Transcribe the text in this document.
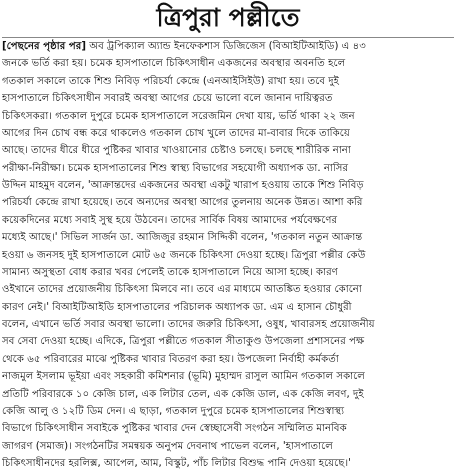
ত্রিপুরা পল্লীতে
[পেছনের পৃষ্ঠার পর] অব ট্রপিক্যাল অ্যান্ড ইনফেকশাস ডিজিজেস (বিআইটিআইডি) এ ৪৩
জনকে ভর্তি করা হয়। চমেক হাসপাতালে চিকিৎসাধীন একজনের অবস্থার অবনতি হলে
গতকাল সকালে তাকে শিশু নিবিড় পরিচর্যা কেন্দ্রে (এনআইসিইউ) রাখা হয়। তবে দুই
হাসপাতালে চিকিৎসাধীন সবারই অবস্থা আগের চেয়ে ভালো বলে জানান দায়িত্বরত
চিকিৎসকরা। গতকাল দুপুরে চমেক হাসপাতালে সরেজমিন দেখা যায়, ভর্তি থাকা ২২ জন
আগের দিন চোখ বন্ধ করে থাকলেও গতকাল চোখ খুলে তাদের মা-বাবার দিকে তাকিয়ে
আছে। তাদের ধীরে ধীরে পুষ্টিকর খাবার খাওয়ানোর চেষ্টাও চলছে। চলছে শারীরিক নানা
পরীক্ষা-নিরীক্ষা। চমেক হাসপাতালের শিশু স্বাস্থ্য বিভাগের সহযোগী অধ্যাপক ডা. নাসির
উদ্দিন মাহমুদ বলেন, 'আক্রান্তদের একজনের অবস্থা একটু খারাপ হওয়ায় তাকে শিশু নিবিড়
পরিচর্যা কেন্দ্রে রাখা হয়েছে। তবে অন্যদের অবস্থা আগের তুলনায় অনেক উন্নত। আশা করি
কয়েকদিনের মধ্যে সবাই সুস্থ হয়ে উঠবেন। তাদের সার্বিক বিষয় আমাদের পর্যবেক্ষণের
মধ্যেই আছে।' সিভিল সার্জন ডা. আজিজুর রহমান সিদ্দিকী বলেন, 'গতকাল নতুন আক্রান্ত
হওয়া ৬ জনসহ দুই হাসপাতালে মোট ৬৫ জনকে চিকিৎসা দেওয়া হচ্ছে। ত্রিপুরা পল্লীর কেউ
সামান্য অসুস্থতা বোধ করার খবর পেলেই তাকে হাসপাতালে নিয়ে আসা হচ্ছে। কারণ
ওইখানে তাদের প্রয়োজনীয় চিকিৎসা মিলবে না। তবে এর মাধ্যমে আতঙ্কিত হওয়ার কোনো
কারণ নেই।' বিআইটিআইডি হাসপাতালের পরিচালক অধ্যাপক ডা. এম এ হাসান চৌধুরী
বলেন, এখানে ভর্তি সবার অবস্থা ভালো। তাদের জরুরি চিকিৎসা, ওষুধ, খাবারসহ প্রয়োজনীয়
সব সেবা দেওয়া হচ্ছে। এদিকে, ত্রিপুরা পল্লীতে গতকাল সীতাকুণ্ড উপজেলা প্রশাসনের পক্ষ
থেকে ৬৫ পরিবারের মাঝে পুষ্টিকর খাবার বিতরণ করা হয়। উপজেলা নির্বাহী কর্মকর্তা
নাজমুল ইসলাম ভূইয়া এবং সহকারী কমিশনার (ভূমি) মুহাম্মদ রাসুল আমিন গতকাল সকালে
প্রতিটি পরিবারকে ১০ কেজি চাল, এক লিটার তেল, এক কেজি ডাল, এক কেজি লবণ, দুই
কেজি আলু ও ১২টি ডিম দেন। এ ছাড়া, গতকাল দুপুরে চমেক হাসপাতালের শিশুস্বাস্থ্য
বিভাগে চিকিৎসাধীন সবাইকে পুষ্টিকর খাবার দেন স্বেচ্ছাসেবী সংগঠন সম্মিলিত মানবিক
জাগরণ (সমাজ)। সংগঠনটির সমন্বয়ক অনুপম দেবনাথ পাভেল বলেন, 'হাসপাতালে
চিকিৎসাধীনদের হরলিক্স, আপেল, আম, বিস্কুট, পাঁচ লিটার বিশুদ্ধ পানি দেওয়া হয়েছে।'
